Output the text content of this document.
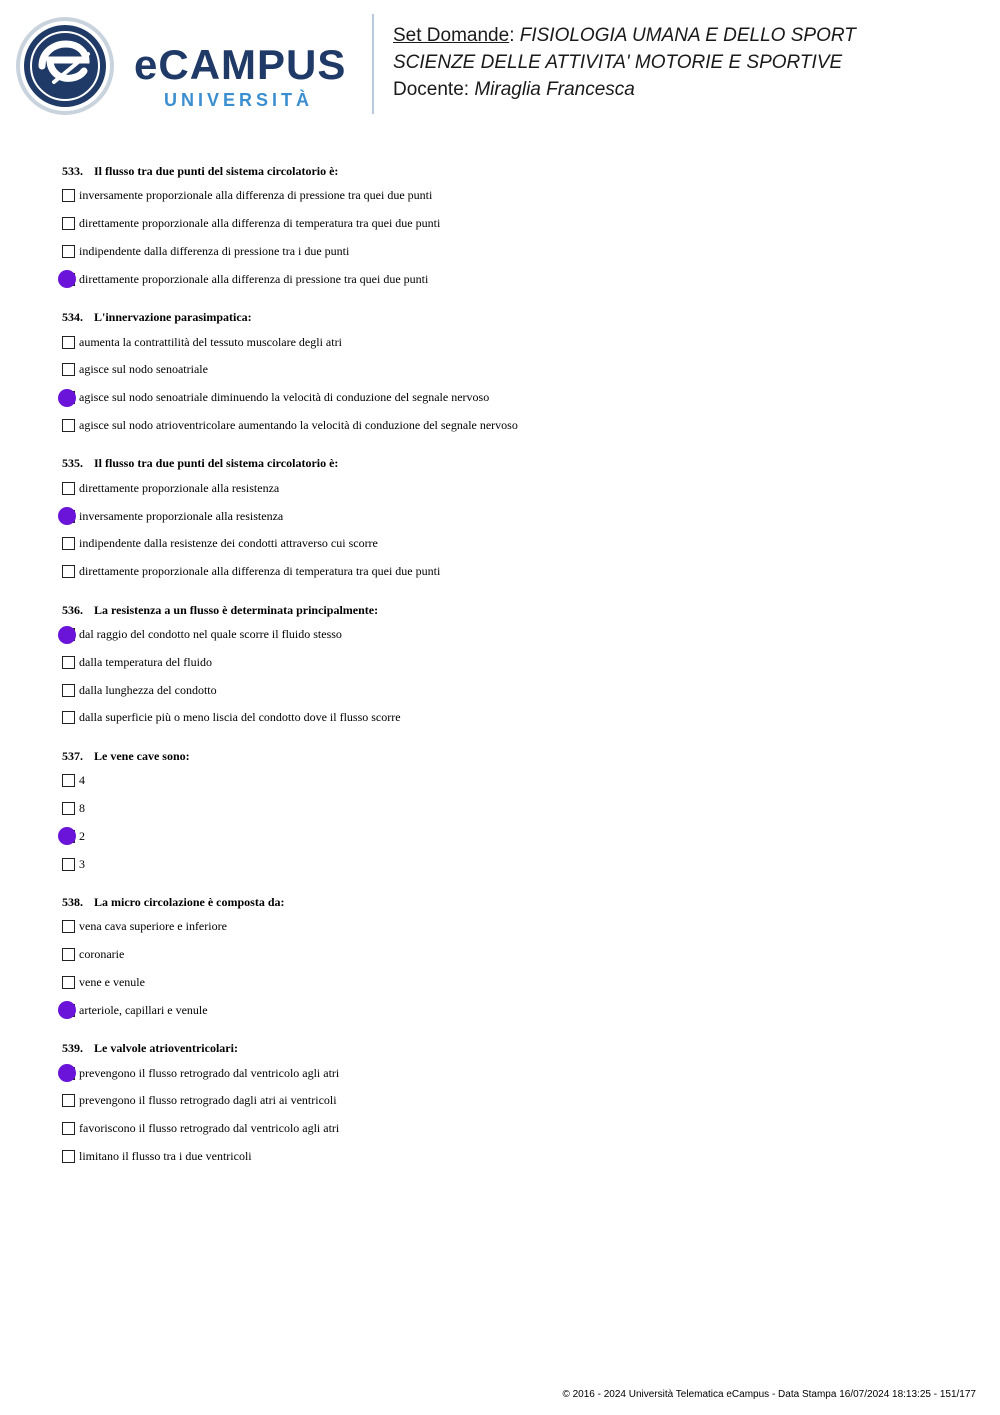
eCAMPUS
UNIVERSITÀ
Set Domande: FISIOLOGIA UMANA E DELLO SPORT
SCIENZE DELLE ATTIVITA' MOTORIE E SPORTIVE
Docente: Miraglia Francesca
533. Il flusso tra due punti del sistema circolatorio è:
inversamente proporzionale alla differenza di pressione tra quei due punti
direttamente proporzionale alla differenza di temperatura tra quei due punti
indipendente dalla differenza di pressione tra i due punti
direttamente proporzionale alla differenza di pressione tra quei due punti
534. L'innervazione parasimpatica:
aumenta la contrattilità del tessuto muscolare degli atri
agisce sul nodo senoatriale
agisce sul nodo senoatriale diminuendo la velocità di conduzione del segnale nervoso
agisce sul nodo atrioventricolare aumentando la velocità di conduzione del segnale nervoso
535. Il flusso tra due punti del sistema circolatorio è:
direttamente proporzionale alla resistenza
inversamente proporzionale alla resistenza
indipendente dalla resistenze dei condotti attraverso cui scorre
direttamente proporzionale alla differenza di temperatura tra quei due punti
536. La resistenza a un flusso è determinata principalmente:
dal raggio del condotto nel quale scorre il fluido stesso
dalla temperatura del fluido
dalla lunghezza del condotto
dalla superficie più o meno liscia del condotto dove il flusso scorre
537. Le vene cave sono:
4
8
2
3
538. La micro circolazione è composta da:
vena cava superiore e inferiore
coronarie
vene e venule
arteriole, capillari e venule
539. Le valvole atrioventricolari:
prevengono il flusso retrogrado dal ventricolo agli atri
prevengono il flusso retrogrado dagli atri ai ventricoli
favoriscono il flusso retrogrado dal ventricolo agli atri
limitano il flusso tra i due ventricoli
© 2016 - 2024 Università Telematica eCampus - Data Stampa 16/07/2024 18:13:25 - 151/177
